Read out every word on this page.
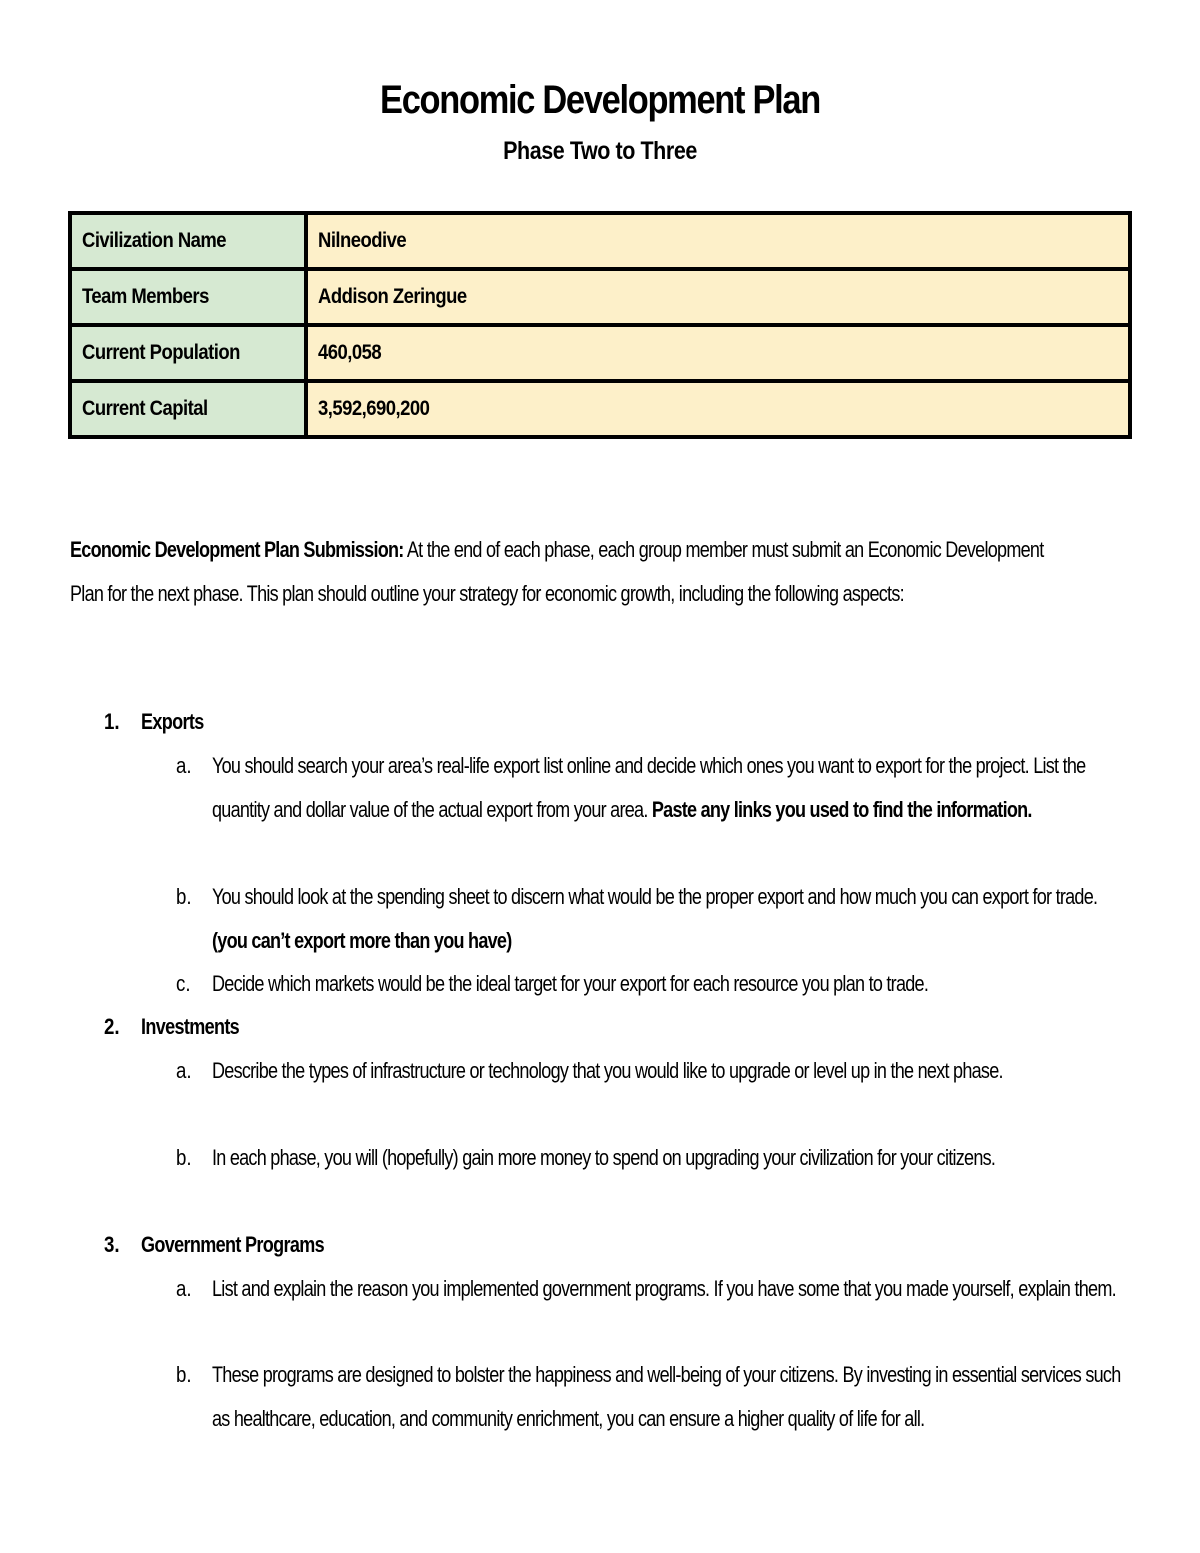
Economic Development Plan
Phase Two to Three
Civilization Name	Nilneodive
Team Members	Addison Zeringue
Current Population	460,058
Current Capital	3,592,690,200
Economic Development Plan Submission: At the end of each phase, each group member must submit an Economic Development Plan for the next phase. This plan should outline your strategy for economic growth, including the following aspects:
1. Exports
a. You should search your area’s real-life export list online and decide which ones you want to export for the project. List the quantity and dollar value of the actual export from your area. Paste any links you used to find the information.
b. You should look at the spending sheet to discern what would be the proper export and how much you can export for trade. (you can’t export more than you have)
c. Decide which markets would be the ideal target for your export for each resource you plan to trade.
2. Investments
a. Describe the types of infrastructure or technology that you would like to upgrade or level up in the next phase.
b. In each phase, you will (hopefully) gain more money to spend on upgrading your civilization for your citizens.
3. Government Programs
a. List and explain the reason you implemented government programs. If you have some that you made yourself, explain them.
b. These programs are designed to bolster the happiness and well-being of your citizens. By investing in essential services such as healthcare, education, and community enrichment, you can ensure a higher quality of life for all.
